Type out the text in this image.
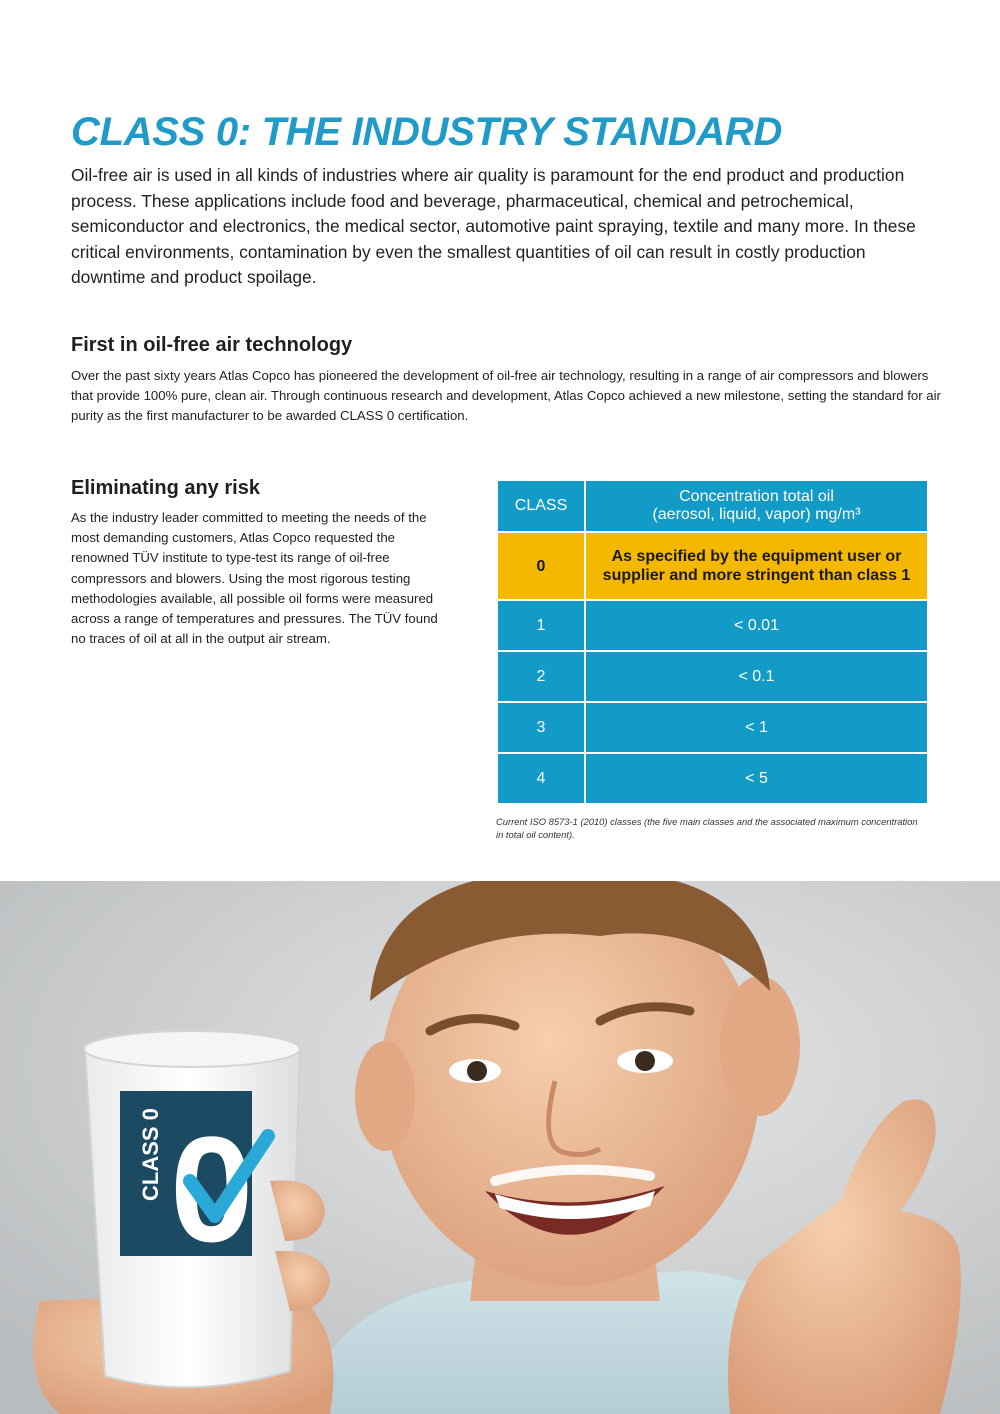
CLASS 0: THE INDUSTRY STANDARD

Oil-free air is used in all kinds of industries where air quality is paramount for the end product and production process. These applications include food and beverage, pharmaceutical, chemical and petrochemical, semiconductor and electronics, the medical sector, automotive paint spraying, textile and many more. In these critical environments, contamination by even the smallest quantities of oil can result in costly production downtime and product spoilage.

First in oil-free air technology

Over the past sixty years Atlas Copco has pioneered the development of oil-free air technology, resulting in a range of air compressors and blowers that provide 100% pure, clean air. Through continuous research and development, Atlas Copco achieved a new milestone, setting the standard for air purity as the first manufacturer to be awarded CLASS 0 certification.

Eliminating any risk

As the industry leader committed to meeting the needs of the most demanding customers, Atlas Copco requested the renowned TÜV institute to type-test its range of oil-free compressors and blowers. Using the most rigorous testing methodologies available, all possible oil forms were measured across a range of temperatures and pressures. The TÜV found no traces of oil at all in the output air stream.

CLASS	Concentration total oil
(aerosol, liquid, vapor) mg/m³
0	As specified by the equipment user or
supplier and more stringent than class 1
1	< 0.01
2	< 0.1
3	< 1
4	< 5

Current ISO 8573-1 (2010) classes (the five main classes and the associated maximum concentration in total oil content).

CLASS 0 0
